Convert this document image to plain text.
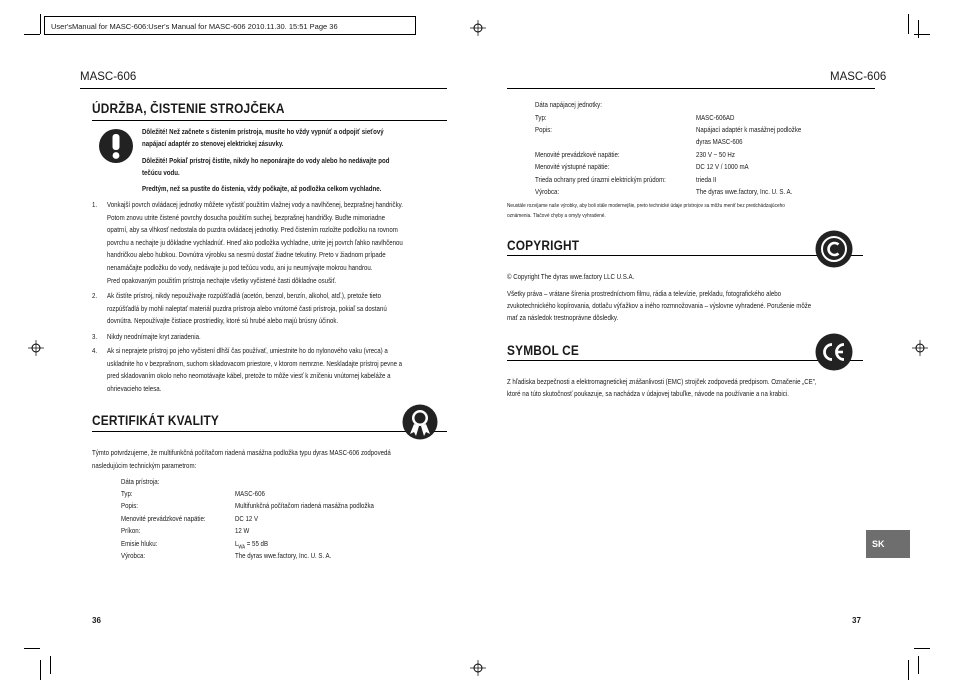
User'sManual for MASC-606:User's Manual for MASC-606 2010.11.30. 15:51 Page 36
MASC-606
ÚDRŽBA, ČISTENIE STROJČEKA
Dôležité! Než začnete s čistením prístroja, musíte ho vždy vypnúť a odpojiť sieťový
napájací adaptér zo stenovej elektrickej zásuvky.
Dôležité! Pokiaľ prístroj čistíte, nikdy ho neponárajte do vody alebo ho nedávajte pod
tečúcu vodu.
Predtým, než sa pustíte do čistenia, vždy počkajte, až podložka celkom vychladne.
1. Vonkajší povrch ovládacej jednotky môžete vyčistiť použitím vlažnej vody a navlhčenej, bezprašnej handričky.
Potom znovu utrite čistené povrchy dosucha použitím suchej, bezprašnej handričky. Buďte mimoriadne
opatrní, aby sa vlhkosť nedostala do puzdra ovládacej jednotky. Pred čistením rozložte podložku na rovnom
povrchu a nechajte ju dôkladne vychladnúť. Hneď ako podložka vychladne, utrite jej povrch ľahko navlhčenou
handričkou alebo hubkou. Dovnútra výrobku sa nesmú dostať žiadne tekutiny. Preto v žiadnom prípade
nenamáčajte podložku do vody, nedávajte ju pod tečúcu vodu, ani ju neumývajte mokrou handrou.
Pred opakovaným použitím prístroja nechajte všetky vyčistené časti dôkladne osušiť.
2. Ak čistíte prístroj, nikdy nepoužívajte rozpúšťadlá (acetón, benzol, benzín, alkohol, atď.), pretože tieto
rozpúšťadlá by mohli naleptať materiál puzdra prístroja alebo vnútorné časti prístroja, pokiaľ sa dostanú
dovnútra. Nepoužívajte čistiace prostriedky, ktoré sú hrubé alebo majú brúsny účinok.
3. Nikdy neodnímajte kryt zariadenia.
4. Ak si neprajete prístroj po jeho vyčistení dlhší čas používať, umiestnite ho do nylonového vaku (vreca) a
uskladnite ho v bezprašnom, suchom skladovacom priestore, v ktorom nemrzne. Neskladajte prístroj pevne a
pred skladovaním okolo neho neomotávajte kábel, pretože to môže viesť k zničeniu vnútornej kabeláže a
ohrievacieho telesa.
CERTIFIKÁT KVALITY
Týmto potvrdzujeme, že multifunkčná počítačom riadená masážna podložka typu dyras MASC-606 zodpovedá
nasledujúcim technickým parametrom:
Dáta prístroja:
Typ:	MASC-606
Popis:	Multifunkčná počítačom riadená masážna podložka
Menovité prevádzkové napätie:	DC 12 V
Príkon:	12 W
Emisie hluku:	$L_{WA} = 55$ dB
Výrobca:	The dyras wwe.factory, Inc. U. S. A.
36
MASC-606
Dáta napájacej jednotky:
Typ:	MASC-606AD
Popis:	Napájací adaptér k masážnej podložke
dyras MASC-606
Menovité prevádzkové napätie:	230 V ~ 50 Hz
Menovité výstupné napätie:	DC 12 V / 1000 mA
Trieda ochrany pred úrazmi elektrickým prúdom:	trieda II
Výrobca:	The dyras wwe.factory, Inc. U. S. A.
Neustále rozvíjame naše výrobky, aby boli stále modernejšie, preto technické údaje prístrojov sa môžu meniť bez predchádzajúceho
oznámenia. Tlačové chyby a omyly vyhradené.
COPYRIGHT
© Copyright The dyras wwe.factory LLC U.S.A.
Všetky práva – vrátane šírenia prostredníctvom filmu, rádia a televízie, prekladu, fotografického alebo
zvukotechnického kopírovania, dotlaču výťažkov a iného rozmnožovania – výslovne vyhradené. Porušenie môže
mať za následok trestnoprávne dôsledky.
SYMBOL CE
Z hľadiska bezpečnosti a elektromagnetickej znášanlivosti (EMC) strojček zodpovedá predpisom. Označenie „CE",
ktoré na túto skutočnosť poukazuje, sa nachádza v údajovej tabuľke, návode na používanie a na krabici.
SK
37
